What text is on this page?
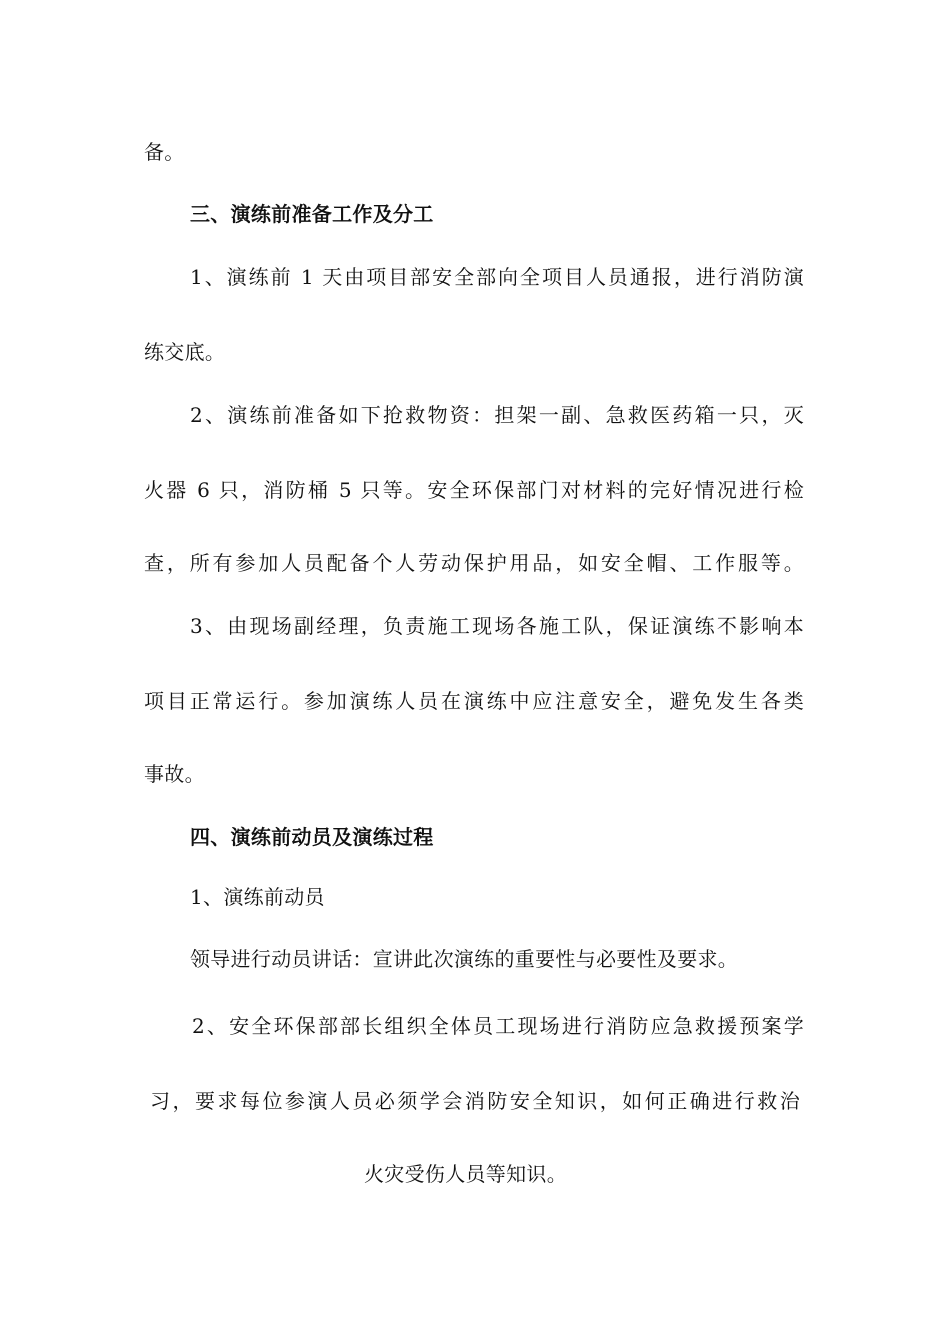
备。
三、演练前准备工作及分工
1、演练前 1 天由项目部安全部向全项目人员通报，进行消防演
练交底。
2、演练前准备如下抢救物资：担架一副、急救医药箱一只，灭
火器 6 只，消防桶 5 只等。安全环保部门对材料的完好情况进行检
查，所有参加人员配备个人劳动保护用品，如安全帽、工作服等。
3、由现场副经理，负责施工现场各施工队，保证演练不影响本
项目正常运行。参加演练人员在演练中应注意安全，避免发生各类
事故。
四、演练前动员及演练过程
1、演练前动员
领导进行动员讲话：宣讲此次演练的重要性与必要性及要求。
2、安全环保部部长组织全体员工现场进行消防应急救援预案学
习，要求每位参演人员必须学会消防安全知识，如何正确进行救治
火灾受伤人员等知识。
